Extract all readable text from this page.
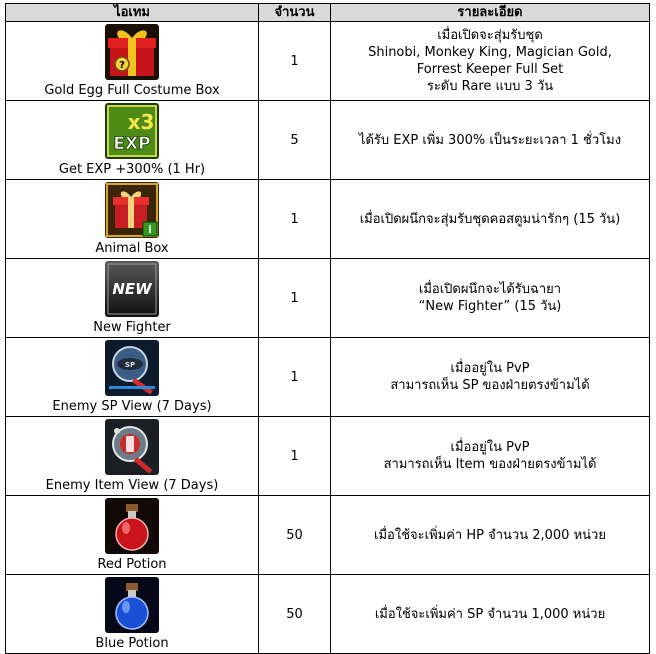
ไอเทม	จำนวน	รายละเอียด

?
Gold Egg Full Costume Box	1	เมื่อเปิดจะสุ่มรับชุด
Shinobi, Monkey King, Magician Gold,
Forrest Keeper Full Set
ระดับ Rare แบบ 3 วัน

x3
EXP
Get EXP +300% (1 Hr)	5	ได้รับ EXP เพิ่ม 300% เป็นระยะเวลา 1 ชั่วโมง

i
Animal Box	1	เมื่อเปิดผนึกจะสุ่มรับชุดคอสตูมน่ารักๆ (15 วัน)

NEW
New Fighter	1	เมื่อเปิดผนึกจะได้รับฉายา
“New Fighter” (15 วัน)

SP
Enemy SP View (7 Days)	1	เมื่ออยู่ใน PvP
สามารถเห็น SP ของฝ่ายตรงข้ามได้

Enemy Item View (7 Days)	1	เมื่ออยู่ใน PvP
สามารถเห็น Item ของฝ่ายตรงข้ามได้

Red Potion	50	เมื่อใช้จะเพิ่มค่า HP จำนวน 2,000 หน่วย

Blue Potion	50	เมื่อใช้จะเพิ่มค่า SP จำนวน 1,000 หน่วย
